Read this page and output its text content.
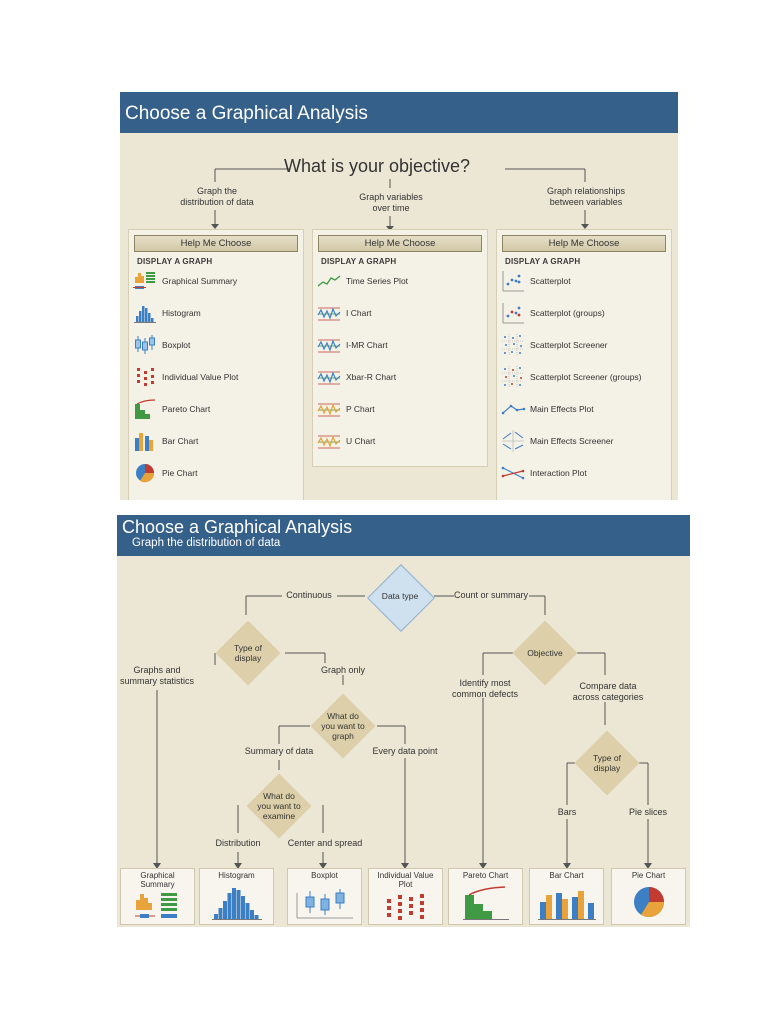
Choose a Graphical Analysis
What is your objective?
Graph the
distribution of data	Graph variables
over time
Graph relationships
between variables
Help Me Choose
DISPLAY A GRAPH
Graphical Summary
Histogram
Boxplot
Individual Value Plot
Pareto Chart
Bar Chart
Pie Chart
Help Me Choose
DISPLAY A GRAPH
Time Series Plot
I Chart
I-MR Chart
Xbar-R Chart
P Chart
U Chart
Help Me Choose
DISPLAY A GRAPH
Scatterplot
Scatterplot (groups)
Scatterplot Screener
Scatterplot Screener (groups)
Main Effects Plot
Main Effects Screener
Interaction Plot
Choose a Graphical Analysis
Graph the distribution of data
Data type
Type of
display
What do
you want to
graph
What do
you want to
examine
Objective
Type of
display
Continuous	Count or summary
Graphs and
summary statistics
Graph only
Summary of data	Every data point
Distribution	Center and spread
Identify most
common defects
Compare data
across categories
Bars	Pie slices
Graphical
Summary
Histogram	Boxplot	Individual Value
Plot
Pareto Chart	Bar Chart	Pie Chart
